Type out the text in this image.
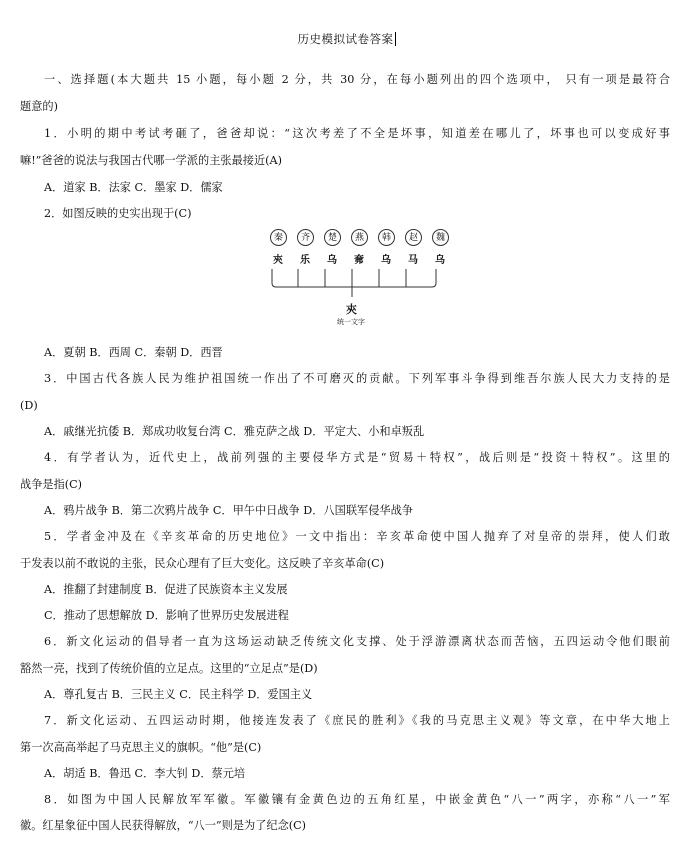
历史模拟试卷答案
一、选择题(本大题共 15 小题，每小题 2 分，共 30 分，在每小题列出的四个选项中， 只有一项是最符合
题意的)
1．小明的期中考试考砸了，爸爸却说：“这次考差了不全是坏事，知道差在哪儿了，坏事也可以变成好事
嘛!”爸爸的说法与我国古代哪一学派的主张最接近(A)
A．道家 B．法家 C．墨家 D．儒家
2．如图反映的史实出现于(C)
秦	齐	楚	燕	韩	赵	魏
㚒 乐 乌 㚕 乌 马 乌
㚒
统一文字
A．夏朝 B．西周 C．秦朝 D．西晋
3．中国古代各族人民为维护祖国统一作出了不可磨灭的贡献。下列军事斗争得到维吾尔族人民大力支持的是
(D)
A．戚继光抗倭 B．郑成功收复台湾 C．雅克萨之战 D．平定大、小和卓叛乱
4．有学者认为，近代史上，战前列强的主要侵华方式是“贸易＋特权”，战后则是“投资＋特权”。这里的
战争是指(C)
A．鸦片战争 B．第二次鸦片战争 C．甲午中日战争 D．八国联军侵华战争
5．学者金冲及在《辛亥革命的历史地位》一文中指出：辛亥革命使中国人抛弃了对皇帝的崇拜，使人们敢
于发表以前不敢说的主张，民众心理有了巨大变化。这反映了辛亥革命(C)
A．推翻了封建制度 B．促进了民族资本主义发展
C．推动了思想解放 D．影响了世界历史发展进程
6．新文化运动的倡导者一直为这场运动缺乏传统文化支撑、处于浮游漂离状态而苦恼，五四运动令他们眼前
豁然一亮，找到了传统价值的立足点。这里的“立足点”是(D)
A．尊孔复古 B．三民主义 C．民主科学 D．爱国主义
7．新文化运动、五四运动时期，他接连发表了《庶民的胜利》《我的马克思主义观》等文章，在中华大地上
第一次高高举起了马克思主义的旗帜。“他”是(C)
A．胡适 B．鲁迅 C．李大钊 D．蔡元培
8．如图为中国人民解放军军徽。军徽镶有金黄色边的五角红星，中嵌金黄色“八一”两字，亦称“八一”军
徽。红星象征中国人民获得解放，“八一”则是为了纪念(C)
